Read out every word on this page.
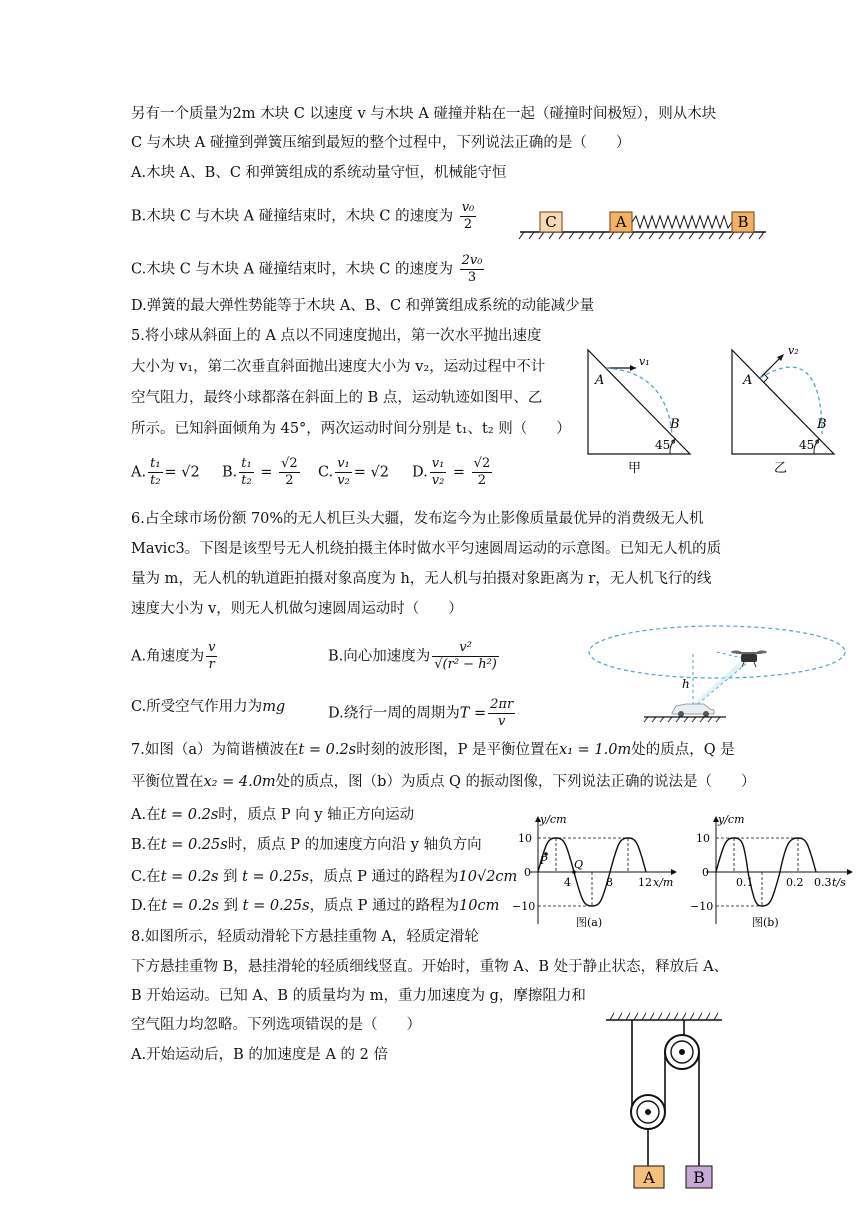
另有一个质量为2m 木块 C 以速度 v 与木块 A 碰撞并粘在一起（碰撞时间极短），则从木块
C 与木块 A 碰撞到弹簧压缩到最短的整个过程中，下列说法正确的是（　　）
A.木块 A、B、C 和弹簧组成的系统动量守恒，机械能守恒
B.木块 C 与木块 A 碰撞结束时，木块 C 的速度为 $\frac{\text{v₀}}{2}$
C.木块 C 与木块 A 碰撞结束时，木块 C 的速度为 $\frac{\text{2v₀}}{3}$
D.弹簧的最大弹性势能等于木块 A、B、C 和弹簧组成系统的动能减少量
C	A	B
5.将小球从斜面上的 A 点以不同速度抛出，第一次水平抛出速度
大小为 v₁，第二次垂直斜面抛出速度大小为 v₂，运动过程中不计
空气阻力，最终小球都落在斜面上的 B 点，运动轨迹如图甲、乙
所示。已知斜面倾角为 45°，两次运动时间分别是 t₁、t₂ 则（　　）
A. $\frac{\text{t₁}}{\text{t₂}} = √2$ B. $\frac{\text{t₁}}{\text{t₂}} = \frac{√2}{2} C$. $\frac{\text{v₁}}{\text{v₂}} = √2$ D. $\frac{\text{v₁}}{\text{v₂}} = \frac{√2}{2}$
v₁
A
B
45°
甲
v₂
A
B
45°
乙
6.占全球市场份额 70%的无人机巨头大疆，发布迄今为止影像质量最优异的消费级无人机
Mavic3。下图是该型号无人机绕拍摄主体时做水平匀速圆周运动的示意图。已知无人机的质
量为 m，无人机的轨道距拍摄对象高度为 h，无人机与拍摄对象距离为 r，无人机飞行的线
速度大小为 v，则无人机做匀速圆周运动时（　　）
A.角速度为 $\frac{v}{r}$	B.向心加速度为 $\frac{\text{v²}}{\text{√(r² − h²)}}$
C.所受空气作用力为mg	D.绕行一周的周期为$T = \frac{2\pi r}{v}$
h
7.如图（a）为简谐横波在t = 0.2s时刻的波形图，P 是平衡位置在x₁ = 1.0m处的质点，Q 是
平衡位置在x₂ = 4.0m处的质点，图（b）为质点 Q 的振动图像，下列说法正确的说法是（　　）
A.在t = 0.2s时，质点 P 向 y 轴正方向运动
B.在t = 0.25s时，质点 P 的加速度方向沿 y 轴负方向
C.在t = 0.2s 到 t = 0.25s，质点 P 通过的路程为10√2cm
D.在t = 0.2s 到 t = 0.25s，质点 P 通过的路程为10cm
y/cm
x/m
10
0
−10
4	8 12
P Q
图(a)
y/cm
t/s
10
0
−10
0.1	0.2 0.3
图(b)
8.如图所示，轻质动滑轮下方悬挂重物 A，轻质定滑轮
下方悬挂重物 B，悬挂滑轮的轻质细线竖直。开始时，重物 A、B 处于静止状态，释放后 A、
B 开始运动。已知 A、B 的质量均为 m，重力加速度为 g，摩擦阻力和
空气阻力均忽略。下列选项错误的是（　　）
A.开始运动后，B 的加速度是 A 的 2 倍
A B
